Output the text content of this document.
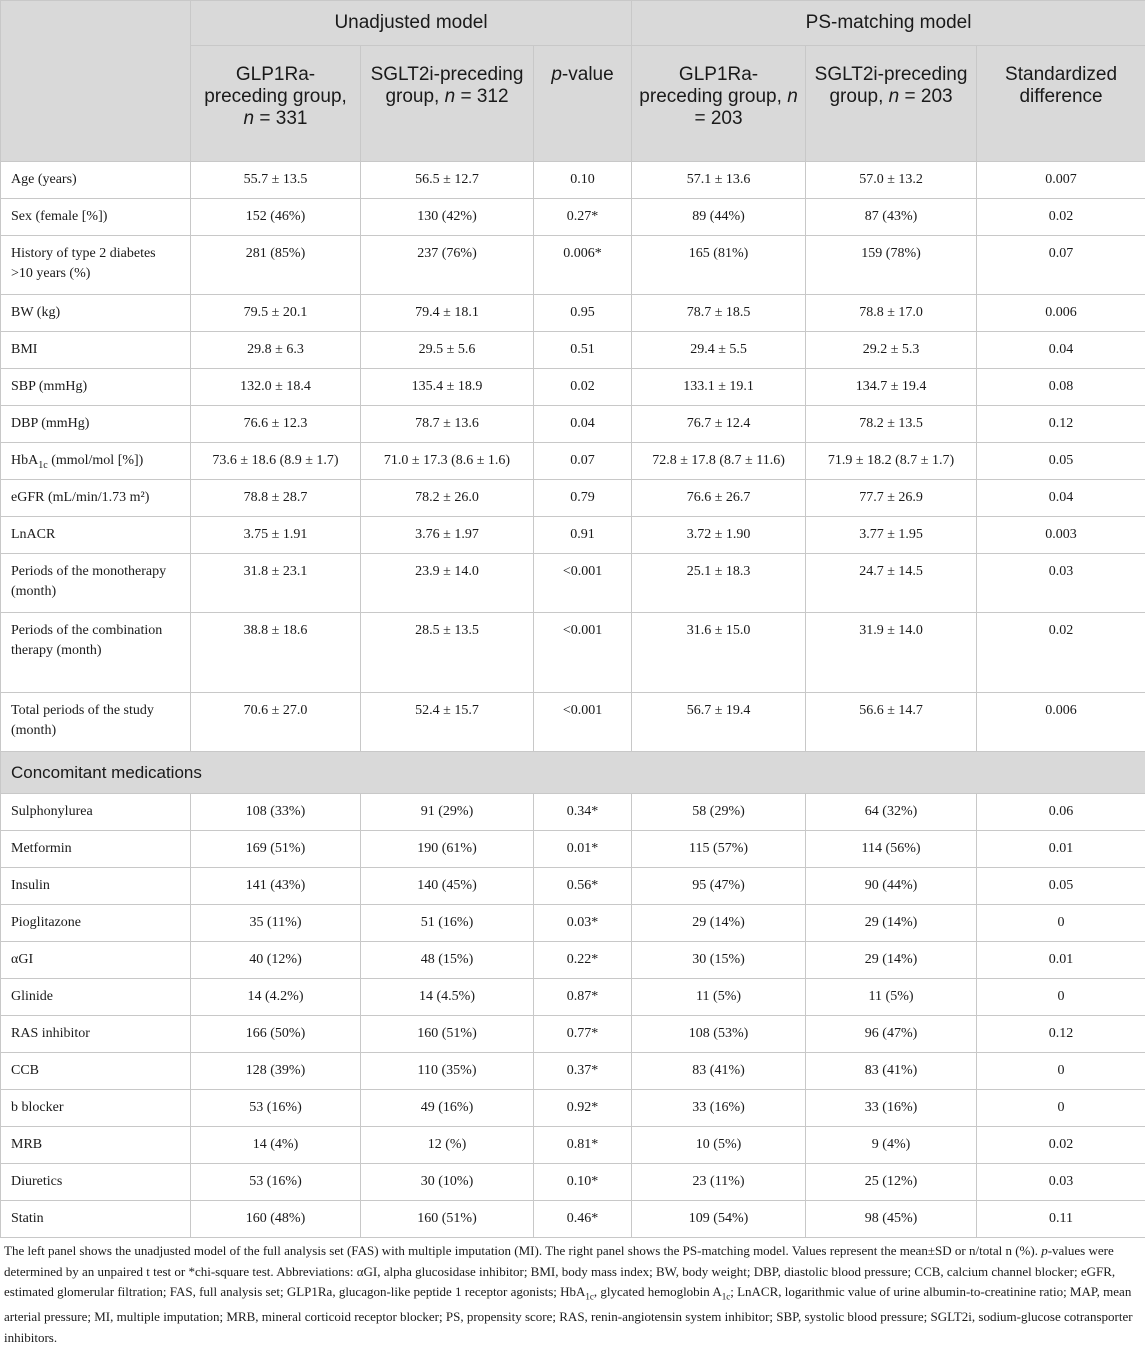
	Unadjusted model			PS-matching model		
	GLP1Ra-preceding group, n = 331	SGLT2i-preceding group, n = 312	p-value	GLP1Ra-preceding group, n = 203	SGLT2i-preceding group, n = 203	Standardized difference
Age (years)	55.7 ± 13.5	56.5 ± 12.7	0.10	57.1 ± 13.6	57.0 ± 13.2	0.007
Sex (female [%])	152 (46%)	130 (42%)	0.27*	89 (44%)	87 (43%)	0.02
History of type 2 diabetes >10 years (%)	281 (85%)	237 (76%)	0.006*	165 (81%)	159 (78%)	0.07
BW (kg)	79.5 ± 20.1	79.4 ± 18.1	0.95	78.7 ± 18.5	78.8 ± 17.0	0.006
BMI	29.8 ± 6.3	29.5 ± 5.6	0.51	29.4 ± 5.5	29.2 ± 5.3	0.04
SBP (mmHg)	132.0 ± 18.4	135.4 ± 18.9	0.02	133.1 ± 19.1	134.7 ± 19.4	0.08
DBP (mmHg)	76.6 ± 12.3	78.7 ± 13.6	0.04	76.7 ± 12.4	78.2 ± 13.5	0.12
HbA$_{1c}$ (mmol/mol [%])	73.6 ± 18.6 (8.9 ± 1.7)	71.0 ± 17.3 (8.6 ± 1.6)	0.07	72.8 ± 17.8 (8.7 ± 11.6)	71.9 ± 18.2 (8.7 ± 1.7)	0.05
eGFR (mL/min/1.73 m²)	78.8 ± 28.7	78.2 ± 26.0	0.79	76.6 ± 26.7	77.7 ± 26.9	0.04
LnACR	3.75 ± 1.91	3.76 ± 1.97	0.91	3.72 ± 1.90	3.77 ± 1.95	0.003
Periods of the monotherapy (month)	31.8 ± 23.1	23.9 ± 14.0	<0.001	25.1 ± 18.3	24.7 ± 14.5	0.03
Periods of the combination therapy (month)	38.8 ± 18.6	28.5 ± 13.5	<0.001	31.6 ± 15.0	31.9 ± 14.0	0.02
Total periods of the study (month)	70.6 ± 27.0	52.4 ± 15.7	<0.001	56.7 ± 19.4	56.6 ± 14.7	0.006
Concomitant medications						
Sulphonylurea	108 (33%)	91 (29%)	0.34*	58 (29%)	64 (32%)	0.06
Metformin	169 (51%)	190 (61%)	0.01*	115 (57%)	114 (56%)	0.01
Insulin	141 (43%)	140 (45%)	0.56*	95 (47%)	90 (44%)	0.05
Pioglitazone	35 (11%)	51 (16%)	0.03*	29 (14%)	29 (14%)	0
αGI	40 (12%)	48 (15%)	0.22*	30 (15%)	29 (14%)	0.01
Glinide	14 (4.2%)	14 (4.5%)	0.87*	11 (5%)	11 (5%)	0
RAS inhibitor	166 (50%)	160 (51%)	0.77*	108 (53%)	96 (47%)	0.12
CCB	128 (39%)	110 (35%)	0.37*	83 (41%)	83 (41%)	0
b blocker	53 (16%)	49 (16%)	0.92*	33 (16%)	33 (16%)	0
MRB	14 (4%)	12 (%)	0.81*	10 (5%)	9 (4%)	0.02
Diuretics	53 (16%)	30 (10%)	0.10*	23 (11%)	25 (12%)	0.03
Statin	160 (48%)	160 (51%)	0.46*	109 (54%)	98 (45%)	0.11
The left panel shows the unadjusted model of the full analysis set (FAS) with multiple imputation (MI). The right panel shows the PS-matching model. Values represent the mean±SD or n/total n (%). p-values were determined by an unpaired t test or *chi-square test. Abbreviations: αGI, alpha glucosidase inhibitor; BMI, body mass index; BW, body weight; DBP, diastolic blood pressure; CCB, calcium channel blocker; eGFR, estimated glomerular filtration; FAS, full analysis set; GLP1Ra, glucagon-like peptide 1 receptor agonists; HbA$_{1c}$, glycated hemoglobin $A_{1c}$; LnACR, logarithmic value of urine albumin-to-creatinine ratio; MAP, mean arterial pressure; MI, multiple imputation; MRB, mineral corticoid receptor blocker; PS, propensity score; RAS, renin-angiotensin system inhibitor; SBP, systolic blood pressure; SGLT2i, sodium-glucose cotransporter inhibitors.
